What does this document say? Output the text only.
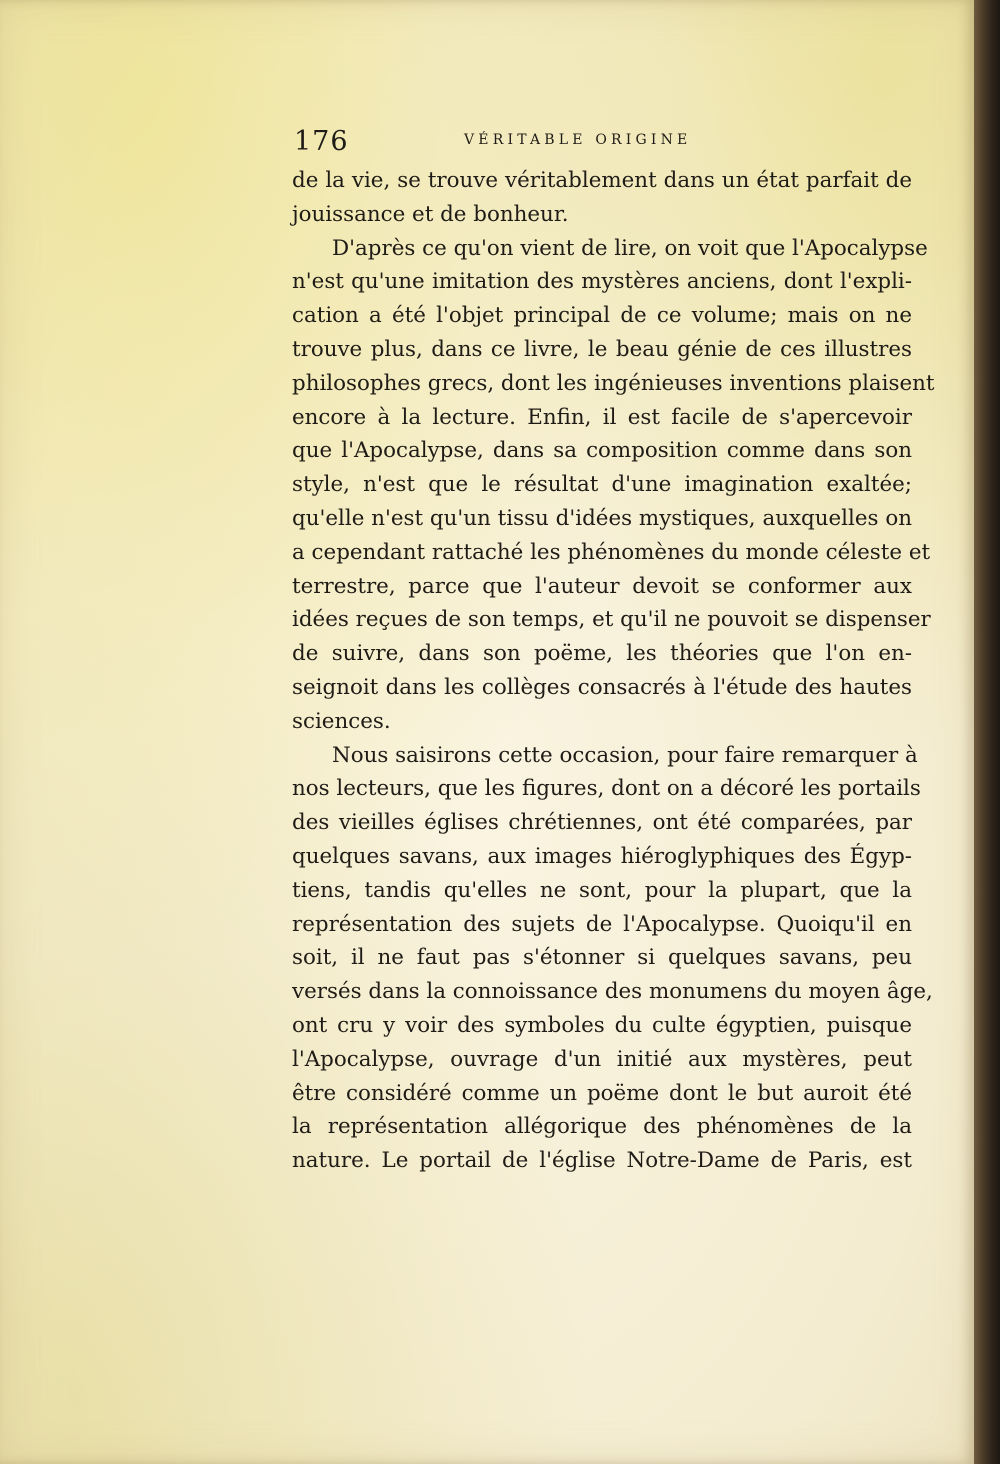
176	VÉRITABLE ORIGINE
de la vie, se trouve véritablement dans un état parfait de
jouissance et de bonheur.
D'après ce qu'on vient de lire, on voit que l'Apocalypse
n'est qu'une imitation des mystères anciens, dont l'expli-
cation a été l'objet principal de ce volume; mais on ne
trouve plus, dans ce livre, le beau génie de ces illustres
philosophes grecs, dont les ingénieuses inventions plaisent
encore à la lecture. Enfin, il est facile de s'apercevoir
que l'Apocalypse, dans sa composition comme dans son
style, n'est que le résultat d'une imagination exaltée;
qu'elle n'est qu'un tissu d'idées mystiques, auxquelles on
a cependant rattaché les phénomènes du monde céleste et
terrestre, parce que l'auteur devoit se conformer aux
idées reçues de son temps, et qu'il ne pouvoit se dispenser
de suivre, dans son poëme, les théories que l'on en-
seignoit dans les collèges consacrés à l'étude des hautes
sciences.
Nous saisirons cette occasion, pour faire remarquer à
nos lecteurs, que les figures, dont on a décoré les portails
des vieilles églises chrétiennes, ont été comparées, par
quelques savans, aux images hiéroglyphiques des Égyp-
tiens, tandis qu'elles ne sont, pour la plupart, que la
représentation des sujets de l'Apocalypse. Quoiqu'il en
soit, il ne faut pas s'étonner si quelques savans, peu
versés dans la connoissance des monumens du moyen âge,
ont cru y voir des symboles du culte égyptien, puisque
l'Apocalypse, ouvrage d'un initié aux mystères, peut
être considéré comme un poëme dont le but auroit été
la représentation allégorique des phénomènes de la
nature. Le portail de l'église Notre-Dame de Paris, est
